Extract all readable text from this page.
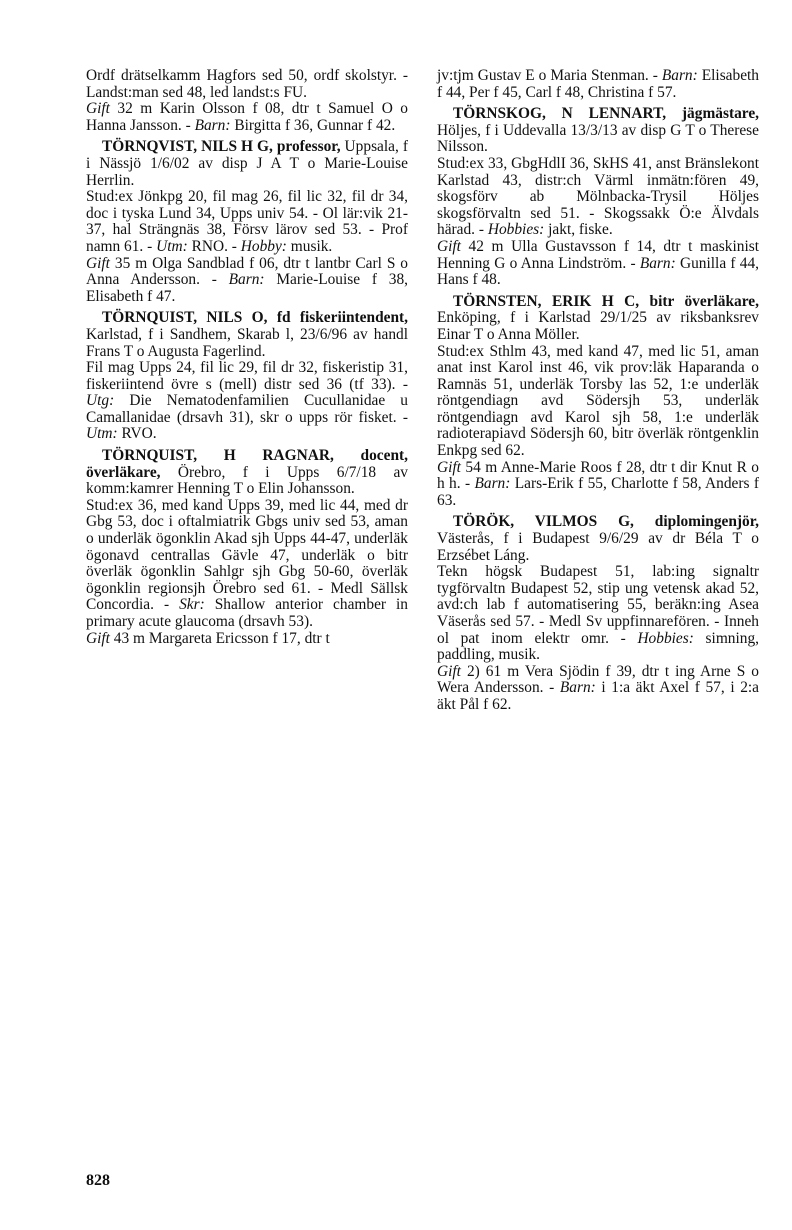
Ordf drätselkamm Hagfors sed 50, ordf skolstyr. - Landst:man sed 48, led landst:s FU.

Gift 32 m Karin Olsson f 08, dtr t Samuel O o Hanna Jansson. - Barn: Birgitta f 36, Gunnar f 42.

TÖRNQVIST, NILS H G, professor, Uppsala, f i Nässjö 1/6/02 av disp J A T o Marie-Louise Herrlin.

Stud:ex Jönkpg 20, fil mag 26, fil lic 32, fil dr 34, doc i tyska Lund 34, Upps univ 54. - Ol lär:vik 21-37, hal Strängnäs 38, Försv lärov sed 53. - Prof namn 61. - Utm: RNO. - Hobby: musik.

Gift 35 m Olga Sandblad f 06, dtr t lantbr Carl S o Anna Andersson. - Barn: Marie-Louise f 38, Elisabeth f 47.

TÖRNQUIST, NILS O, fd fiskeriintendent, Karlstad, f i Sandhem, Skarab l, 23/6/96 av handl Frans T o Augusta Fagerlind.

Fil mag Upps 24, fil lic 29, fil dr 32, fiskeristip 31, fiskeriintend övre s (mell) distr sed 36 (tf 33). - Utg: Die Nematodenfamilien Cucullanidae u Camallanidae (drsavh 31), skr o upps rör fisket. - Utm: RVO.

TÖRNQUIST, H RAGNAR, docent, överläkare, Örebro, f i Upps 6/7/18 av komm:kamrer Henning T o Elin Johansson.

Stud:ex 36, med kand Upps 39, med lic 44, med dr Gbg 53, doc i oftalmiatrik Gbgs univ sed 53, aman o underläk ögonklin Akad sjh Upps 44-47, underläk ögonavd centrallas Gävle 47, underläk o bitr överläk ögonklin Sahlgr sjh Gbg 50-60, överläk ögonklin regionsjh Örebro sed 61. - Medl Sällsk Concordia. - Skr: Shallow anterior chamber in primary acute glaucoma (drsavh 53).

Gift 43 m Margareta Ericsson f 17, dtr t

jv:tjm Gustav E o Maria Stenman. - Barn: Elisabeth f 44, Per f 45, Carl f 48, Christina f 57.

TÖRNSKOG, N LENNART, jägmästare, Höljes, f i Uddevalla 13/3/13 av disp G T o Therese Nilsson.

Stud:ex 33, GbgHdlI 36, SkHS 41, anst Bränslekont Karlstad 43, distr:ch Värml inmätn:fören 49, skogsförv ab Mölnbacka-Trysil Höljes skogsförvaltn sed 51. - Skogssakk Ö:e Älvdals härad. - Hobbies: jakt, fiske.

Gift 42 m Ulla Gustavsson f 14, dtr t maskinist Henning G o Anna Lindström. - Barn: Gunilla f 44, Hans f 48.

TÖRNSTEN, ERIK H C, bitr överläkare, Enköping, f i Karlstad 29/1/25 av riksbanksrev Einar T o Anna Möller.

Stud:ex Sthlm 43, med kand 47, med lic 51, aman anat inst Karol inst 46, vik prov:läk Haparanda o Ramnäs 51, underläk Torsby las 52, 1:e underläk röntgendiagn avd Södersjh 53, underläk röntgendiagn avd Karol sjh 58, 1:e underläk radioterapiavd Södersjh 60, bitr överläk röntgenklin Enkpg sed 62.

Gift 54 m Anne-Marie Roos f 28, dtr t dir Knut R o h h. - Barn: Lars-Erik f 55, Charlotte f 58, Anders f 63.

TÖRÖK, VILMOS G, diplomingenjör, Västerås, f i Budapest 9/6/29 av dr Béla T o Erzsébet Láng.

Tekn högsk Budapest 51, lab:ing signaltr tygförvaltn Budapest 52, stip ung vetensk akad 52, avd:ch lab f automatisering 55, beräkn:ing Asea Väserås sed 57. - Medl Sv uppfinnarefören. - Inneh ol pat inom elektr omr. - Hobbies: simning, paddling, musik.

Gift 2) 61 m Vera Sjödin f 39, dtr t ing Arne S o Wera Andersson. - Barn: i 1:a äkt Axel f 57, i 2:a äkt Pål f 62.

828
